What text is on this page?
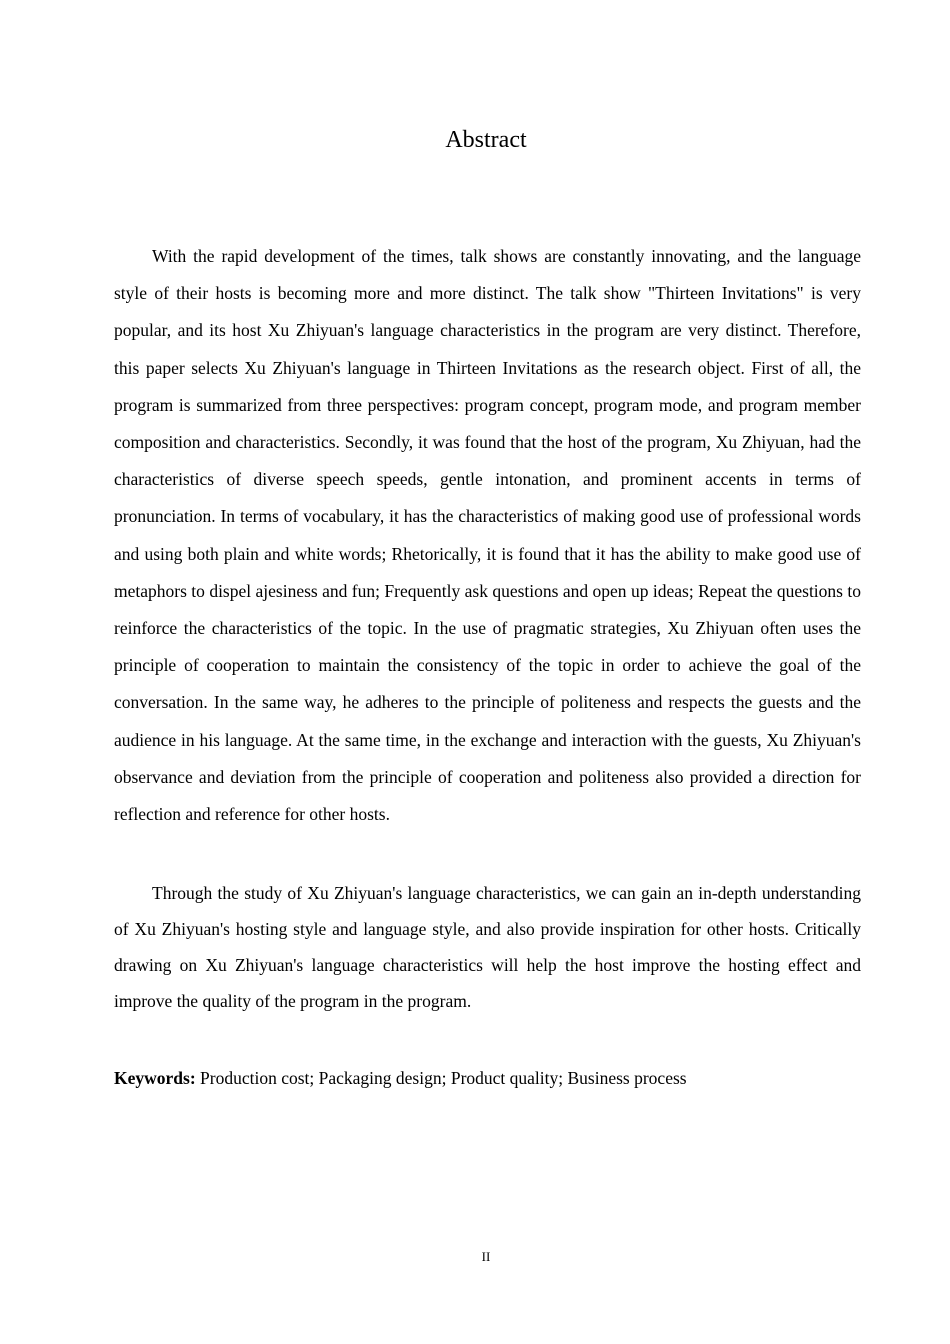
Abstract

With the rapid development of the times, talk shows are constantly innovating, and the language style of their hosts is becoming more and more distinct. The talk show "Thirteen Invitations" is very popular, and its host Xu Zhiyuan's language characteristics in the program are very distinct. Therefore, this paper selects Xu Zhiyuan's language in Thirteen Invitations as the research object. First of all, the program is summarized from three perspectives: program concept, program mode, and program member composition and characteristics. Secondly, it was found that the host of the program, Xu Zhiyuan, had the characteristics of diverse speech speeds, gentle intonation, and prominent accents in terms of pronunciation. In terms of vocabulary, it has the characteristics of making good use of professional words and using both plain and white words; Rhetorically, it is found that it has the ability to make good use of metaphors to dispel ajesiness and fun; Frequently ask questions and open up ideas; Repeat the questions to reinforce the characteristics of the topic. In the use of pragmatic strategies, Xu Zhiyuan often uses the principle of cooperation to maintain the consistency of the topic in order to achieve the goal of the conversation. In the same way, he adheres to the principle of politeness and respects the guests and the audience in his language. At the same time, in the exchange and interaction with the guests, Xu Zhiyuan's observance and deviation from the principle of cooperation and politeness also provided a direction for reflection and reference for other hosts.

Through the study of Xu Zhiyuan's language characteristics, we can gain an in-depth understanding of Xu Zhiyuan's hosting style and language style, and also provide inspiration for other hosts. Critically drawing on Xu Zhiyuan's language characteristics will help the host improve the hosting effect and improve the quality of the program in the program.

Keywords: Production cost; Packaging design; Product quality; Business process

II
